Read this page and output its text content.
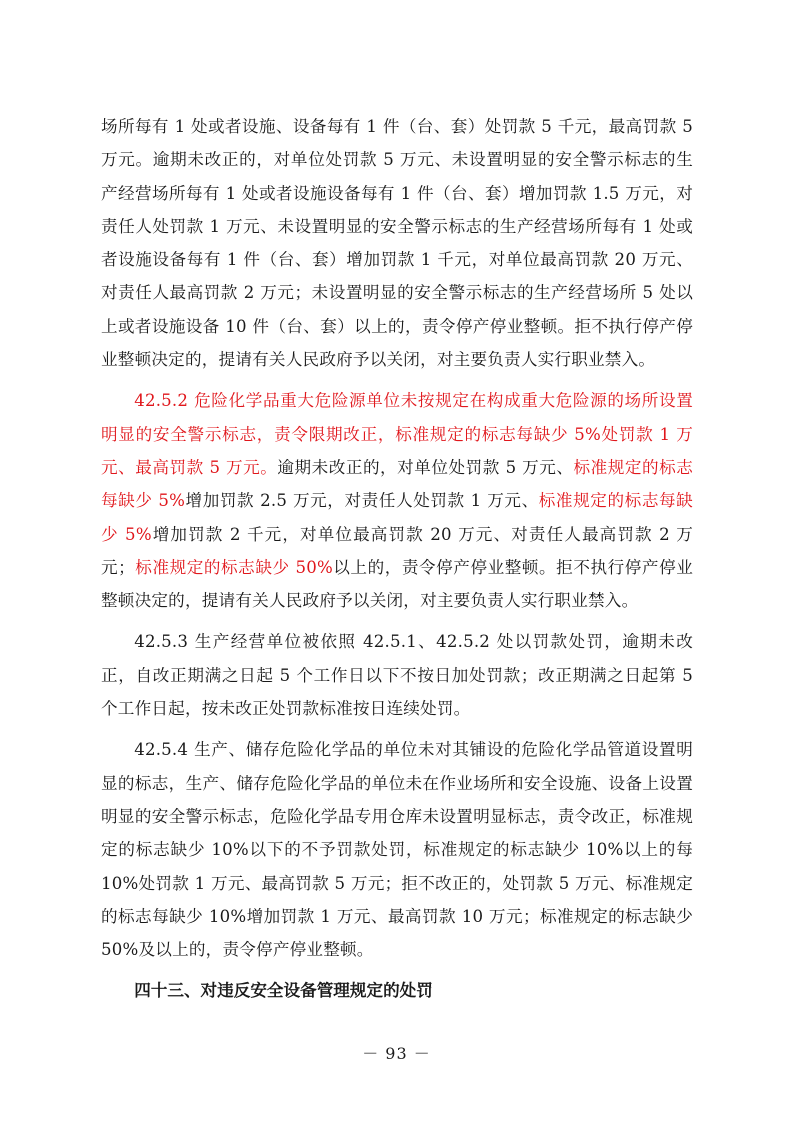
场所每有 1 处或者设施、设备每有 1 件（台、套）处罚款 5 千元，最高罚款 5 万元。逾期未改正的，对单位处罚款 5 万元、未设置明显的安全警示标志的生产经营场所每有 1 处或者设施设备每有 1 件（台、套）增加罚款 1.5 万元，对责任人处罚款 1 万元、未设置明显的安全警示标志的生产经营场所每有 1 处或者设施设备每有 1 件（台、套）增加罚款 1 千元，对单位最高罚款 20 万元、对责任人最高罚款 2 万元；未设置明显的安全警示标志的生产经营场所 5 处以上或者设施设备 10 件（台、套）以上的，责令停产停业整顿。拒不执行停产停业整顿决定的，提请有关人民政府予以关闭，对主要负责人实行职业禁入。

42.5.2 危险化学品重大危险源单位未按规定在构成重大危险源的场所设置明显的安全警示标志，责令限期改正，标准规定的标志每缺少 5%处罚款 1 万元、最高罚款 5 万元。逾期未改正的，对单位处罚款 5 万元、标准规定的标志每缺少 5%增加罚款 2.5 万元，对责任人处罚款 1 万元、标准规定的标志每缺少 5%增加罚款 2 千元，对单位最高罚款 20 万元、对责任人最高罚款 2 万元；标准规定的标志缺少 50%以上的，责令停产停业整顿。拒不执行停产停业整顿决定的，提请有关人民政府予以关闭，对主要负责人实行职业禁入。

42.5.3 生产经营单位被依照 42.5.1、42.5.2 处以罚款处罚，逾期未改正，自改正期满之日起 5 个工作日以下不按日加处罚款；改正期满之日起第 5 个工作日起，按未改正处罚款标准按日连续处罚。

42.5.4 生产、储存危险化学品的单位未对其铺设的危险化学品管道设置明显的标志，生产、储存危险化学品的单位未在作业场所和安全设施、设备上设置明显的安全警示标志，危险化学品专用仓库未设置明显标志，责令改正，标准规定的标志缺少 10%以下的不予罚款处罚，标准规定的标志缺少 10%以上的每 10%处罚款 1 万元、最高罚款 5 万元；拒不改正的，处罚款 5 万元、标准规定的标志每缺少 10%增加罚款 1 万元、最高罚款 10 万元；标准规定的标志缺少 50%及以上的，责令停产停业整顿。

四十三、对违反安全设备管理规定的处罚

－ 93 －
